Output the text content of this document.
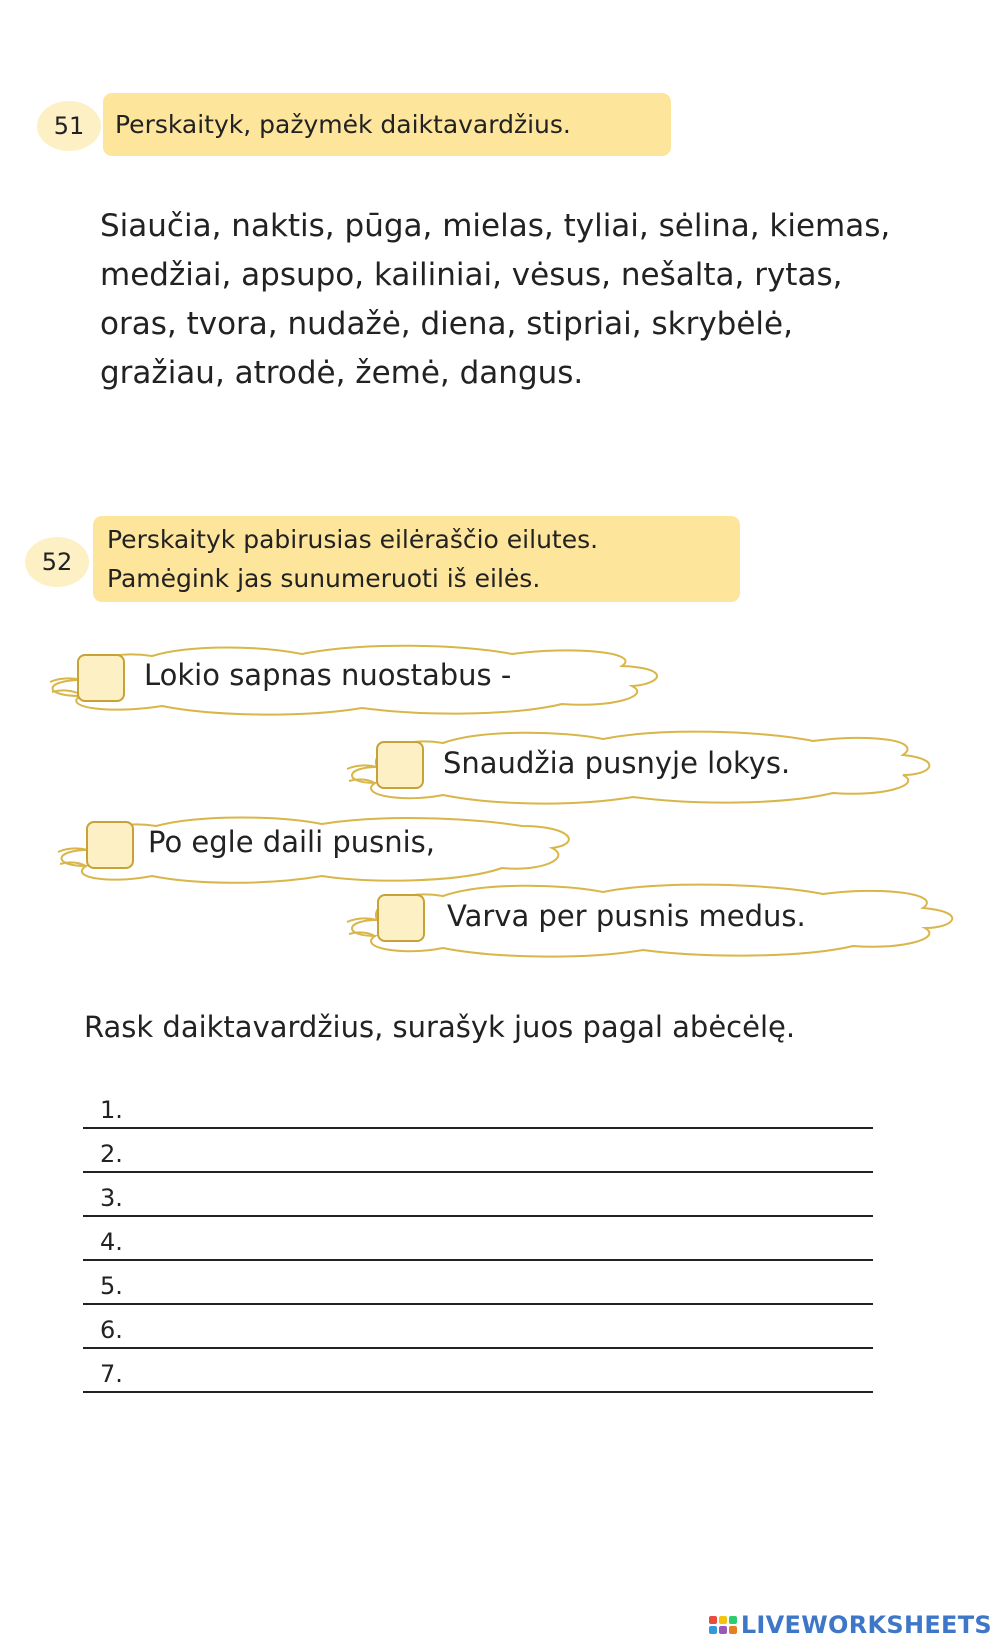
51	Perskaityk, pažymėk daiktavardžius.
Siaučia, naktis, pūga, mielas, tyliai, sėlina, kiemas,
medžiai, apsupo, kailiniai, vėsus, nešalta, rytas,
oras, tvora, nudažė, diena, stipriai, skrybėlė,
gražiau, atrodė, žemė, dangus.
52
Perskaityk pabirusias eilėraščio eilutes.
Pamėgink jas sunumeruoti iš eilės.
Lokio sapnas nuostabus -
Snaudžia pusnyje lokys.
Po egle daili pusnis,
Varva per pusnis medus.
Rask daiktavardžius, surašyk juos pagal abėcėlę.
1.
2.
3.
4.
5.
6.
7.
LIVEWORKSHEETS
